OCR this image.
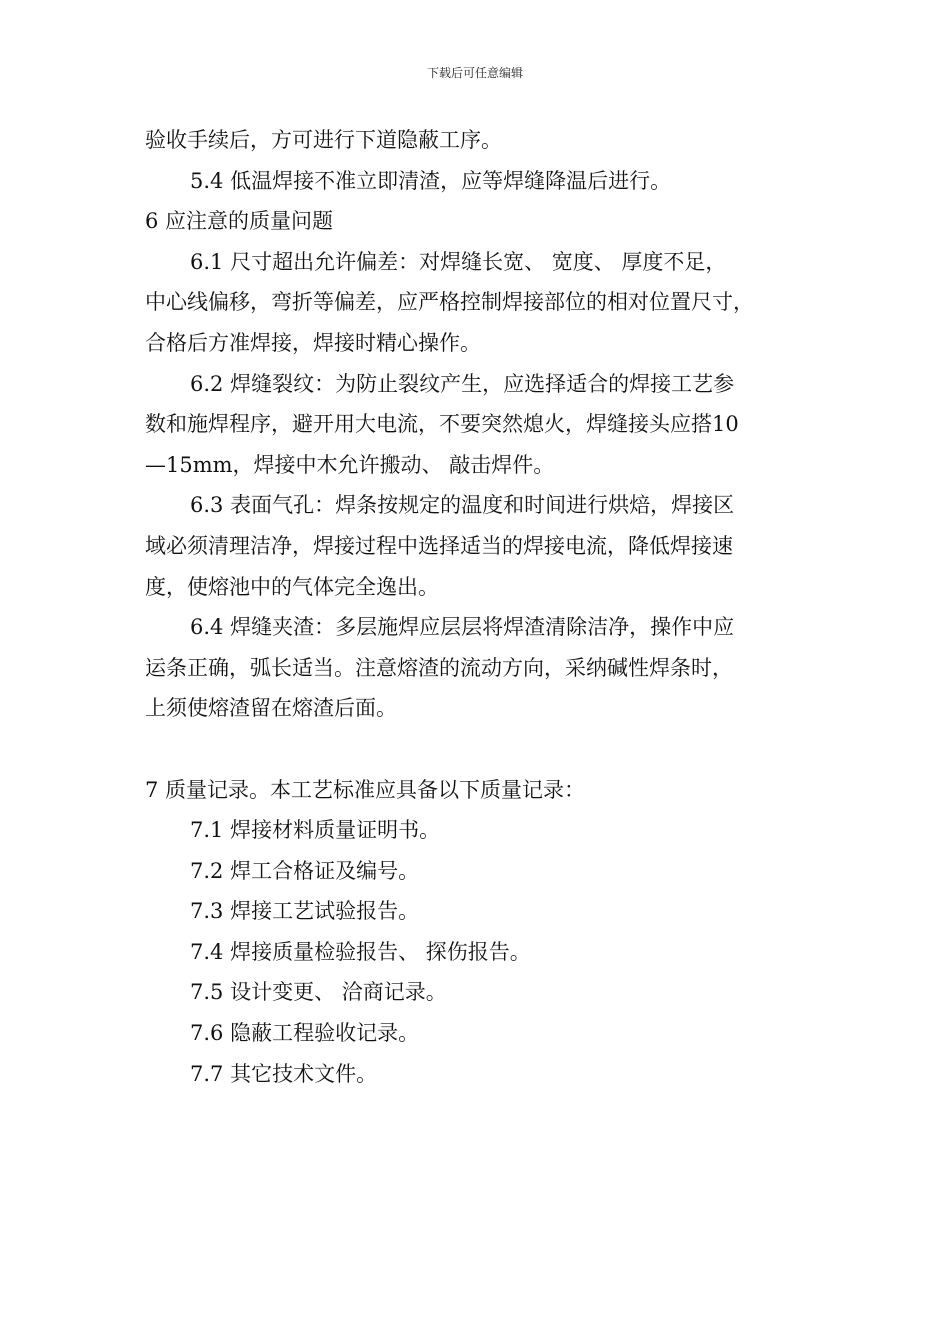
下载后可任意编辑
验收手续后，方可进行下道隐蔽工序。
5.4 低温焊接不准立即清渣，应等焊缝降温后进行。
6 应注意的质量问题
6.1 尺寸超出允许偏差：对焊缝长宽、 宽度、 厚度不足，
中心线偏移，弯折等偏差，应严格控制焊接部位的相对位置尺寸，
合格后方准焊接，焊接时精心操作。
6.2 焊缝裂纹：为防止裂纹产生，应选择适合的焊接工艺参
数和施焊程序，避开用大电流，不要突然熄火，焊缝接头应搭10
—15mm，焊接中木允许搬动、 敲击焊件。
6.3 表面气孔：焊条按规定的温度和时间进行烘焙，焊接区
域必须清理洁净，焊接过程中选择适当的焊接电流，降低焊接速
度，使熔池中的气体完全逸出。
6.4 焊缝夹渣：多层施焊应层层将焊渣清除洁净，操作中应
运条正确，弧长适当。注意熔渣的流动方向，采纳碱性焊条时，
上须使熔渣留在熔渣后面。
7 质量记录。本工艺标准应具备以下质量记录：
7.1 焊接材料质量证明书。
7.2 焊工合格证及编号。
7.3 焊接工艺试验报告。
7.4 焊接质量检验报告、 探伤报告。
7.5 设计变更、 洽商记录。
7.6 隐蔽工程验收记录。
7.7 其它技术文件。
